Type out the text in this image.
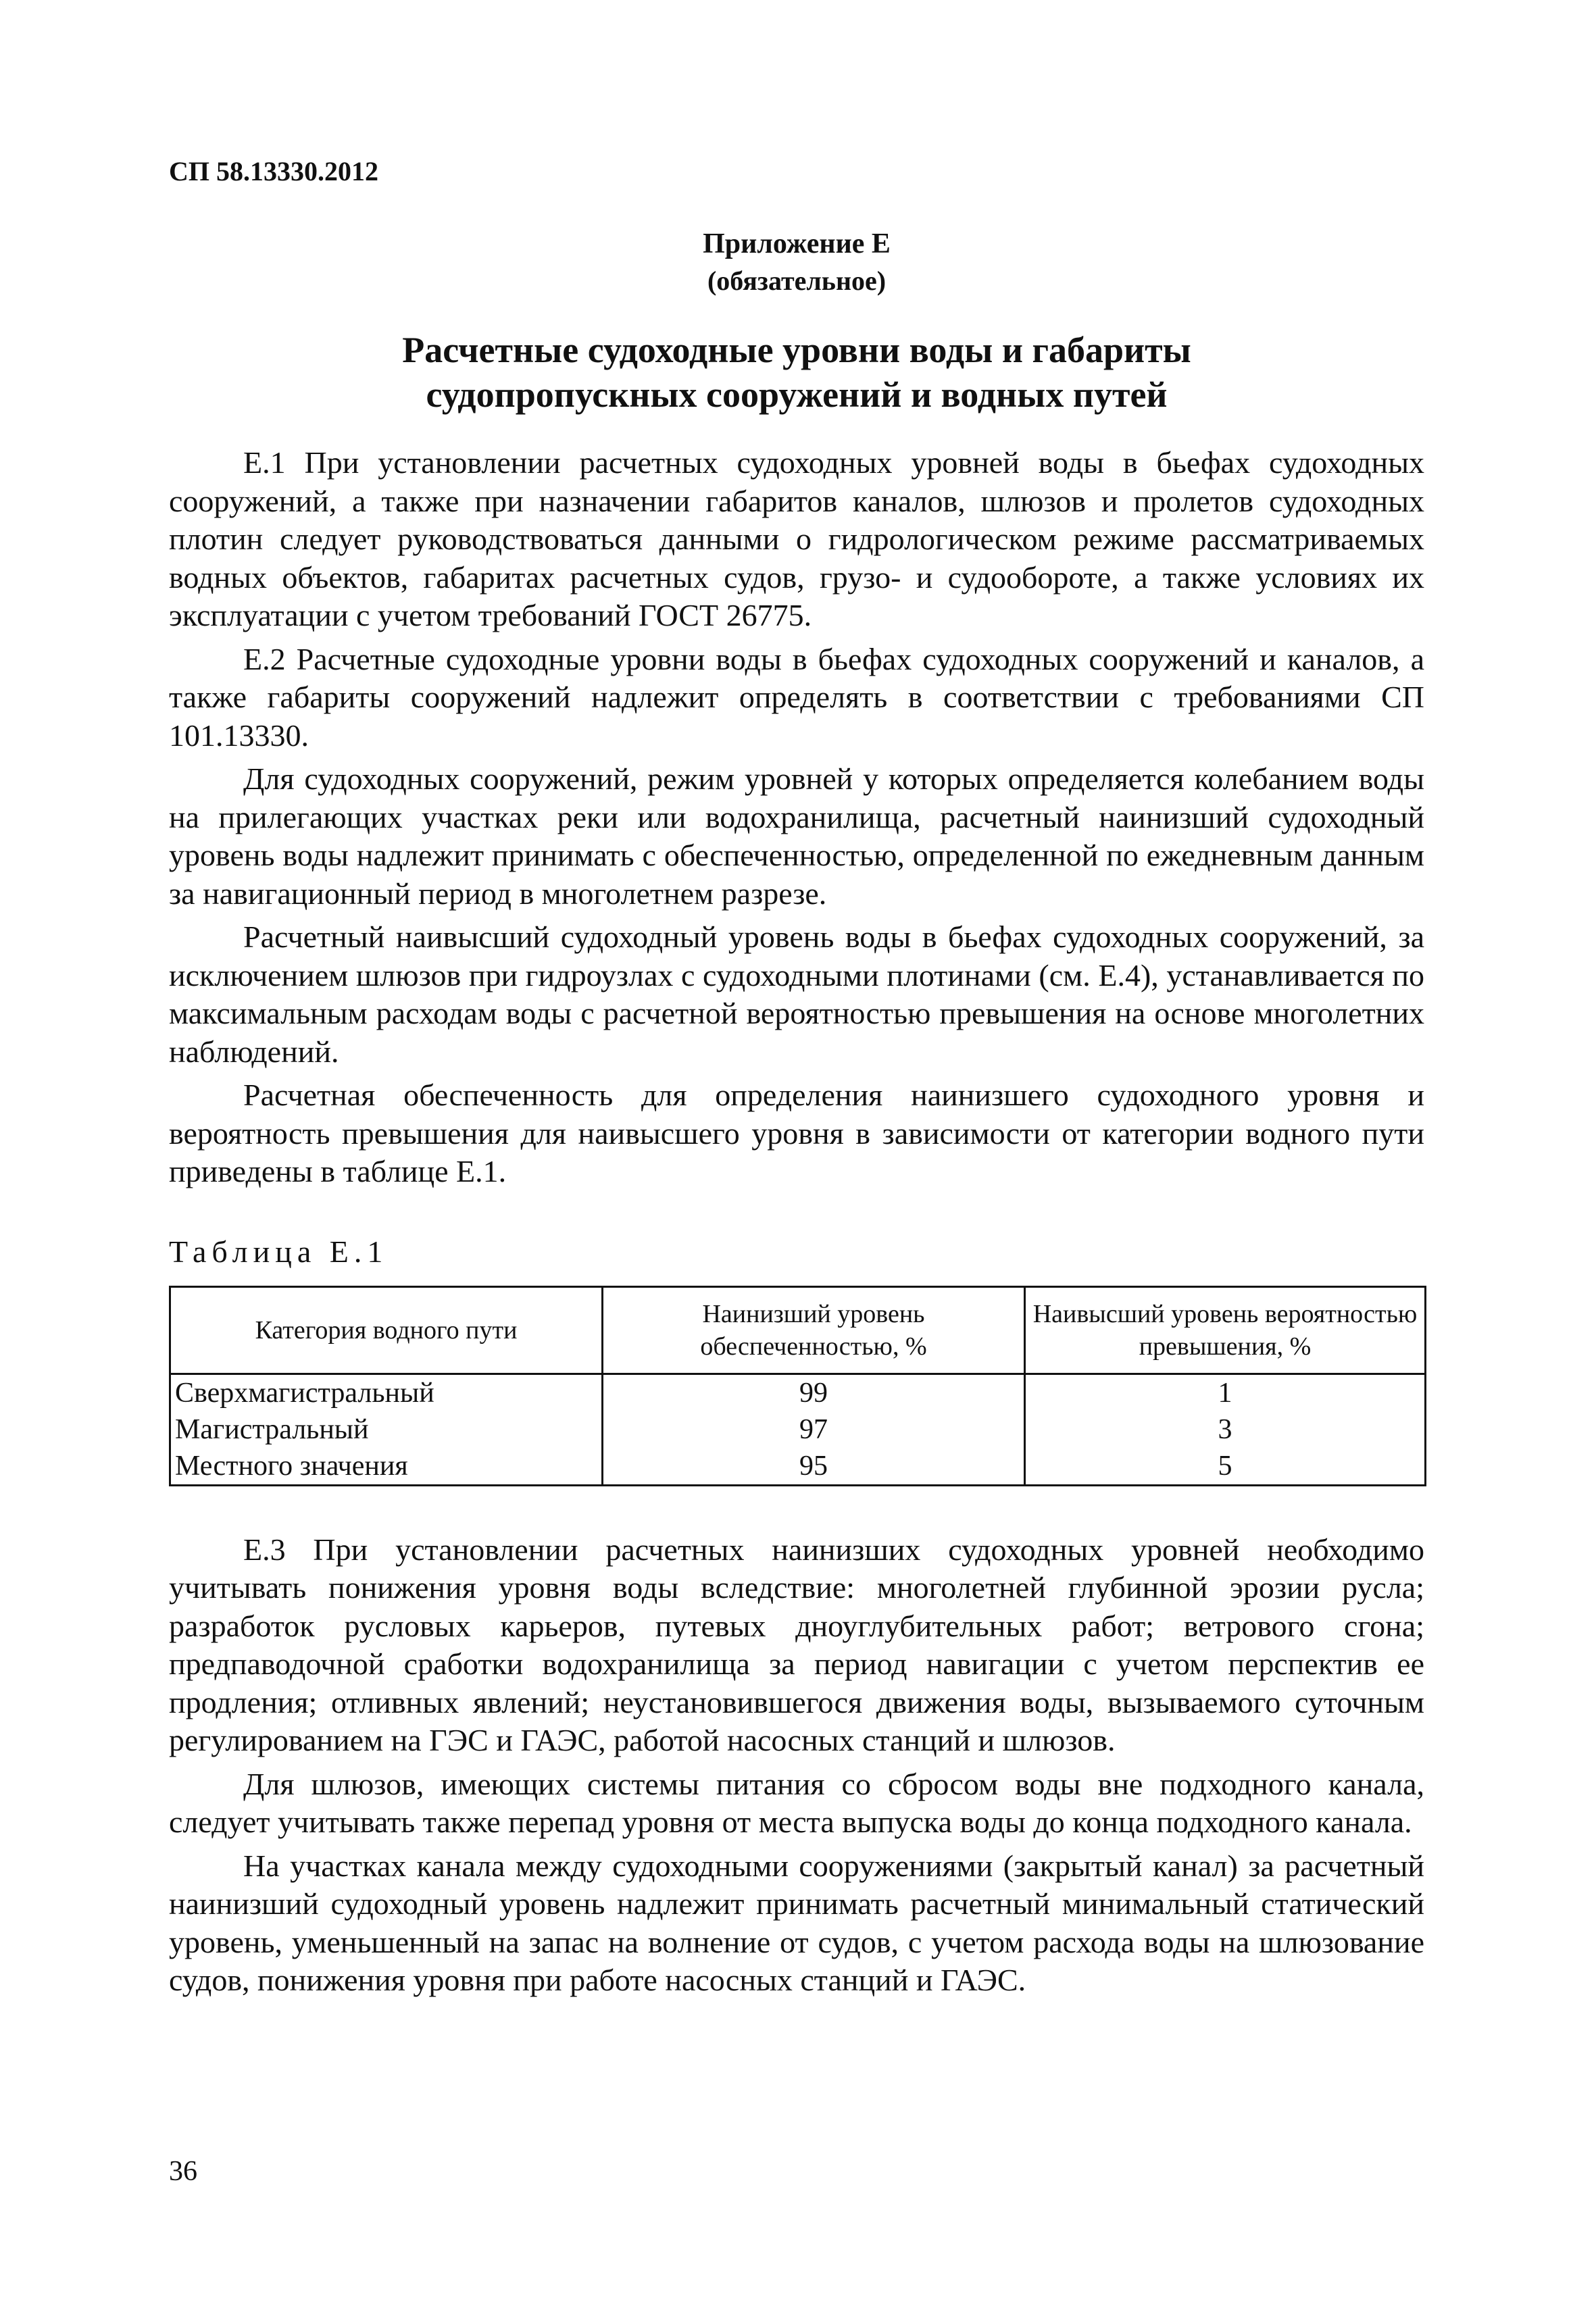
СП 58.13330.2012
Приложение Е
(обязательное)
Расчетные судоходные уровни воды и габариты
судопропускных сооружений и водных путей

Е.1 При установлении расчетных судоходных уровней воды в бьефах судоходных сооружений, а также при назначении габаритов каналов, шлюзов и пролетов судоходных плотин следует руководствоваться данными о гидрологическом режиме рассматриваемых водных объектов, габаритах расчетных судов, грузо- и судообороте, а также условиях их эксплуатации с учетом требований ГОСТ 26775.

Е.2 Расчетные судоходные уровни воды в бьефах судоходных сооружений и каналов, а также габариты сооружений надлежит определять в соответствии с требованиями СП 101.13330.

Для судоходных сооружений, режим уровней у которых определяется колебанием воды на прилегающих участках реки или водохранилища, расчетный наинизший судоходный уровень воды надлежит принимать с обеспеченностью, определенной по ежедневным данным за навигационный период в многолетнем разрезе.

Расчетный наивысший судоходный уровень воды в бьефах судоходных сооружений, за исключением шлюзов при гидроузлах с судоходными плотинами (см. Е.4), устанавливается по максимальным расходам воды с расчетной вероятностью превышения на основе многолетних наблюдений.

Расчетная обеспеченность для определения наинизшего судоходного уровня и вероятность превышения для наивысшего уровня в зависимости от категории водного пути приведены в таблице Е.1.

Таблица Е.1
Категория водного пути	Наинизший уровень обеспеченностью, %	Наивысший уровень вероятностью превышения, %
Сверхмагистральный	99	1
Магистральный	97	3
Местного значения	95	5

Е.3 При установлении расчетных наинизших судоходных уровней необходимо учитывать понижения уровня воды вследствие: многолетней глубинной эрозии русла; разработок русловых карьеров, путевых дноуглубительных работ; ветрового сгона; предпаводочной сработки водохранилища за период навигации с учетом перспектив ее продления; отливных явлений; неустановившегося движения воды, вызываемого суточным регулированием на ГЭС и ГАЭС, работой насосных станций и шлюзов.

Для шлюзов, имеющих системы питания со сбросом воды вне подходного канала, следует учитывать также перепад уровня от места выпуска воды до конца подходного канала.

На участках канала между судоходными сооружениями (закрытый канал) за расчетный наинизший судоходный уровень надлежит принимать расчетный минимальный статический уровень, уменьшенный на запас на волнение от судов, с учетом расхода воды на шлюзование судов, понижения уровня при работе насосных станций и ГАЭС.

36
